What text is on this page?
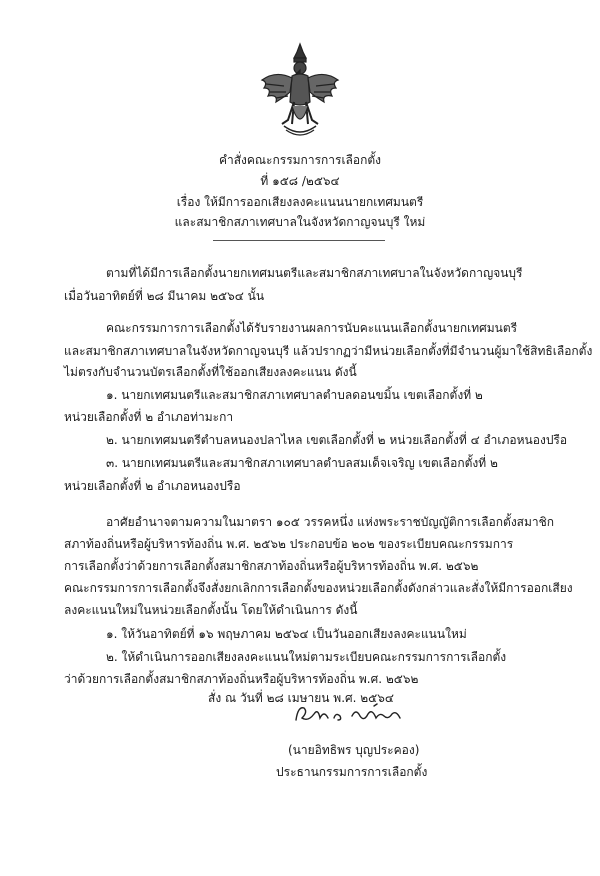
คำสั่งคณะกรรมการการเลือกตั้ง
ที่ ๑๕๘ /๒๕๖๔
เรื่อง ให้มีการออกเสียงลงคะแนนนายกเทศมนตรี
และสมาชิกสภาเทศบาลในจังหวัดกาญจนบุรี ใหม่
ตามที่ได้มีการเลือกตั้งนายกเทศมนตรีและสมาชิกสภาเทศบาลในจังหวัดกาญจนบุรี
เมื่อวันอาทิตย์ที่ ๒๘ มีนาคม ๒๕๖๔ นั้น
คณะกรรมการการเลือกตั้งได้รับรายงานผลการนับคะแนนเลือกตั้งนายกเทศมนตรี
และสมาชิกสภาเทศบาลในจังหวัดกาญจนบุรี แล้วปรากฏว่ามีหน่วยเลือกตั้งที่มีจำนวนผู้มาใช้สิทธิเลือกตั้ง
ไม่ตรงกับจำนวนบัตรเลือกตั้งที่ใช้ออกเสียงลงคะแนน ดังนี้
๑. นายกเทศมนตรีและสมาชิกสภาเทศบาลตำบลดอนขมิ้น เขตเลือกตั้งที่ ๒
หน่วยเลือกตั้งที่ ๒ อำเภอท่ามะกา
๒. นายกเทศมนตรีตำบลหนองปลาไหล เขตเลือกตั้งที่ ๒ หน่วยเลือกตั้งที่ ๔ อำเภอหนองปรือ
๓. นายกเทศมนตรีและสมาชิกสภาเทศบาลตำบลสมเด็จเจริญ เขตเลือกตั้งที่ ๒
หน่วยเลือกตั้งที่ ๒ อำเภอหนองปรือ
อาศัยอำนาจตามความในมาตรา ๑๐๕ วรรคหนึ่ง แห่งพระราชบัญญัติการเลือกตั้งสมาชิก
สภาท้องถิ่นหรือผู้บริหารท้องถิ่น พ.ศ. ๒๕๖๒ ประกอบข้อ ๒๐๒ ของระเบียบคณะกรรมการ
การเลือกตั้งว่าด้วยการเลือกตั้งสมาชิกสภาท้องถิ่นหรือผู้บริหารท้องถิ่น พ.ศ. ๒๕๖๒
คณะกรรมการการเลือกตั้งจึงสั่งยกเลิกการเลือกตั้งของหน่วยเลือกตั้งดังกล่าวและสั่งให้มีการออกเสียง
ลงคะแนนใหม่ในหน่วยเลือกตั้งนั้น โดยให้ดำเนินการ ดังนี้
๑. ให้วันอาทิตย์ที่ ๑๖ พฤษภาคม ๒๕๖๔ เป็นวันออกเสียงลงคะแนนใหม่
๒. ให้ดำเนินการออกเสียงลงคะแนนใหม่ตามระเบียบคณะกรรมการการเลือกตั้ง
ว่าด้วยการเลือกตั้งสมาชิกสภาท้องถิ่นหรือผู้บริหารท้องถิ่น พ.ศ. ๒๕๖๒
สั่ง ณ วันที่ ๒๘ เมษายน พ.ศ. ๒๕๖๔
(นายอิทธิพร บุญประคอง)
ประธานกรรมการการเลือกตั้ง
